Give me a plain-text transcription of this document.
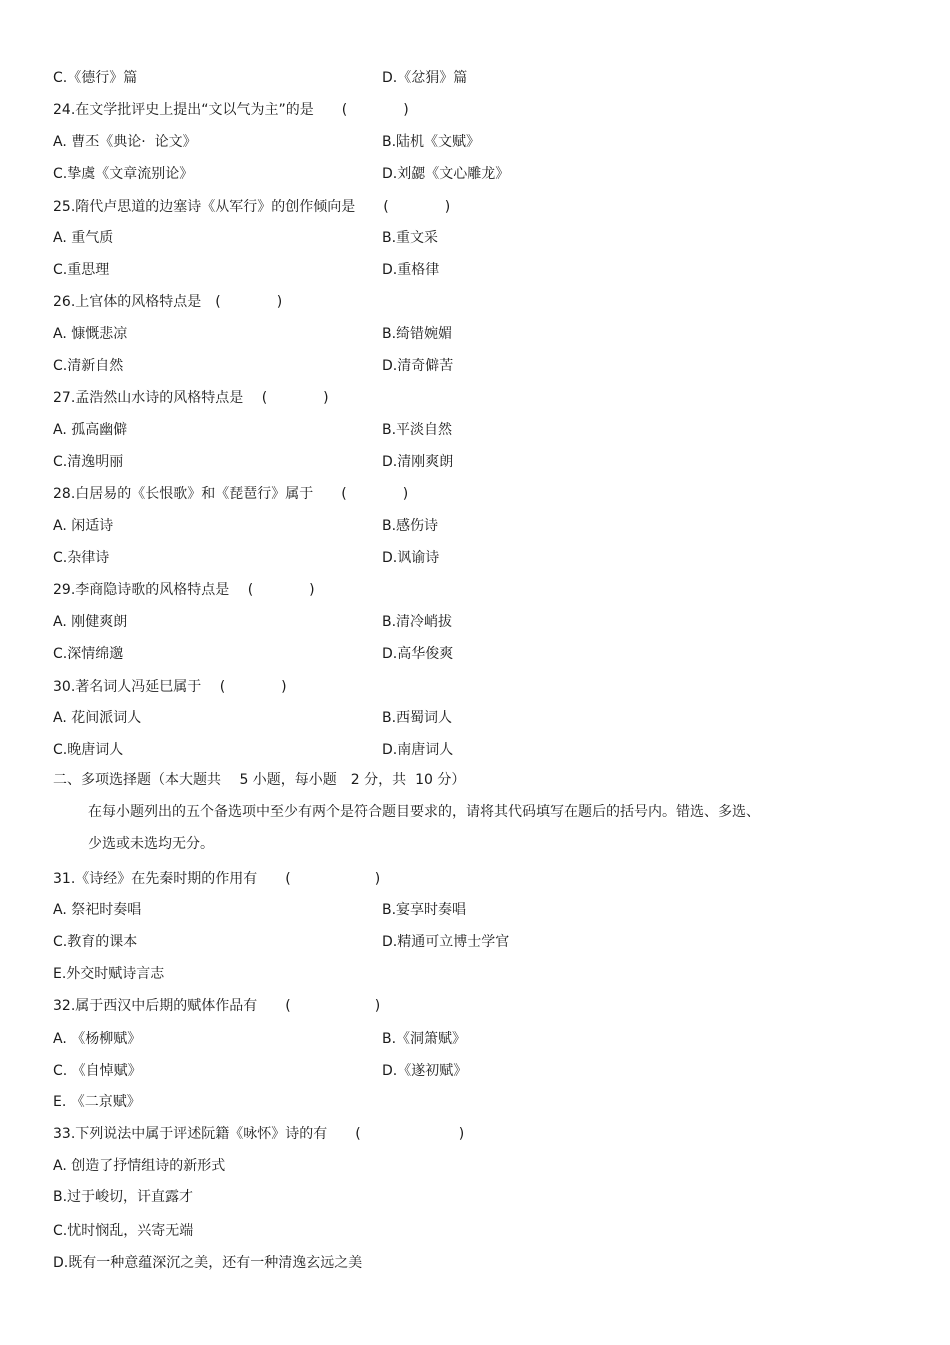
C.《德行》篇	D.《忿狷》篇
24.在文学批评史上提出“文以气为主”的是　　(　　　　)
A. 曹丕《典论·  论文》	B.陆机《文赋》
C.挚虞《文章流别论》	D.刘勰《文心雕龙》
25.隋代卢思道的边塞诗《从军行》的创作倾向是　　(　　　　)
A. 重气质	B.重文采
C.重思理	D.重格律
26.上官体的风格特点是　(　　　　)
A. 慷慨悲凉	B.绮错婉媚
C.清新自然	D.清奇僻苦
27.孟浩然山水诗的风格特点是　 (　　　　)
A. 孤高幽僻	B.平淡自然
C.清逸明丽	D.清刚爽朗
28.白居易的《长恨歌》和《琵琶行》属于　　(　　　　)
A. 闲适诗	B.感伤诗
C.杂律诗	D.讽谕诗
29.李商隐诗歌的风格特点是　 (　　　　)
A. 刚健爽朗	B.清冷峭拔
C.深情绵邈	D.高华俊爽
30.著名词人冯延巳属于　 (　　　　)
A. 花间派词人	B.西蜀词人
C.晚唐词人	D.南唐词人
二、多项选择题（本大题共　 5 小题，每小题　2 分，共  10 分）
在每小题列出的五个备选项中至少有两个是符合题目要求的，请将其代码填写在题后的括号内。错选、多选、
少选或未选均无分。
31.《诗经》在先秦时期的作用有　　(　　　　　　)
A. 祭祀时奏唱	B.宴享时奏唱
C.教育的课本	D.精通可立博士学官
E.外交时赋诗言志
32.属于西汉中后期的赋体作品有　　(　　　　　　)
A. 《杨柳赋》	B.《洞箫赋》
C. 《自悼赋》	D.《遂初赋》
E. 《二京赋》
33.下列说法中属于评述阮籍《咏怀》诗的有　　(　　　　　　　)
A. 创造了抒情组诗的新形式
B.过于峻切，讦直露才
C.忧时悯乱，兴寄无端
D.既有一种意蕴深沉之美，还有一种清逸玄远之美
